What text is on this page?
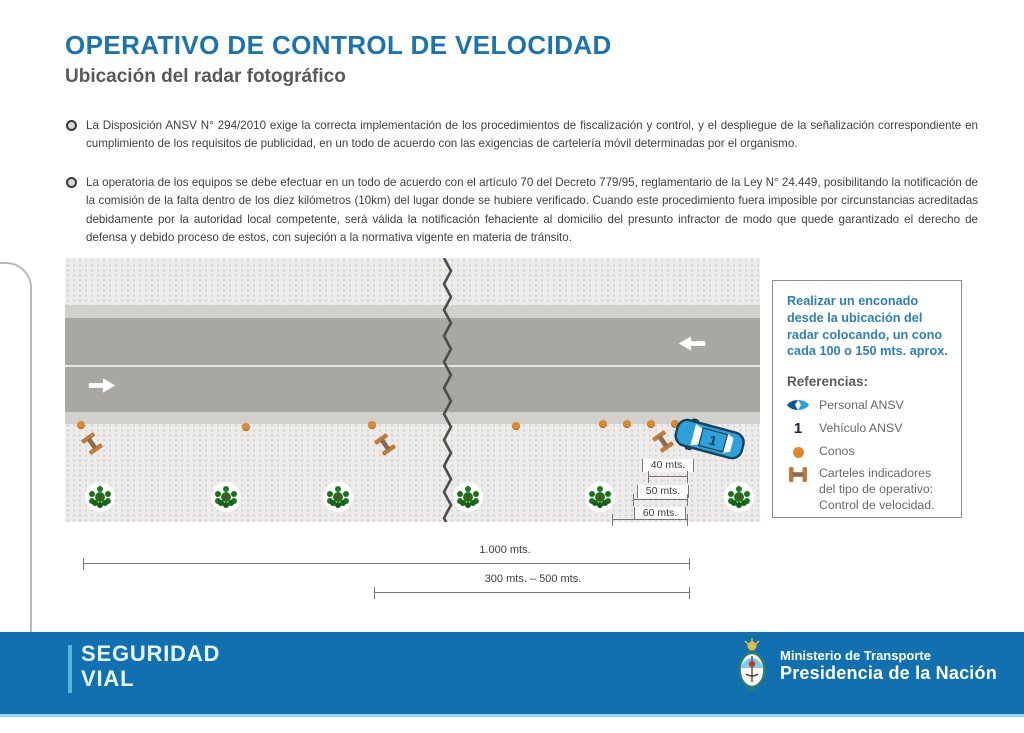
OPERATIVO DE CONTROL DE VELOCIDAD
Ubicación del radar fotográfico

La Disposición ANSV N° 294/2010 exige la correcta implementación de los procedimientos de fiscalización y control, y el despliegue de la señalización correspondiente en cumplimiento de los requisitos de publicidad, en un todo de acuerdo con las exigencias de cartelería móvil determinadas por el organismo.

La operatoria de los equipos se debe efectuar en un todo de acuerdo con el artículo 70 del Decreto 779/95, reglamentario de la Ley N° 24.449, posibilitando la notificación de la comisión de la falta dentro de los diez kilómetros (10km) del lugar donde se hubiere verificado. Cuando este procedimiento fuera imposible por circunstancias acreditadas debidamente por la autoridad local competente, será válida la notificación fehaciente al domicilio del presunto infractor de modo que quede garantizado el derecho de defensa y debido proceso de estos, con sujeción a la normativa vigente en materia de tránsito.

1
40 mts.
50 mts.
60 mts.
1.000 mts.
300 mts. – 500 mts.

Realizar un enconado desde la ubicación del radar colocando, un cono cada 100 o 150 mts. aprox.

Referencias:

Personal ANSV
1	Vehículo ANSV
Conos
Carteles indicadores del tipo de operativo: Control de velocidad.
SEGURIDAD
VIAL
Ministerio de Transporte
Presidencia de la Nación
